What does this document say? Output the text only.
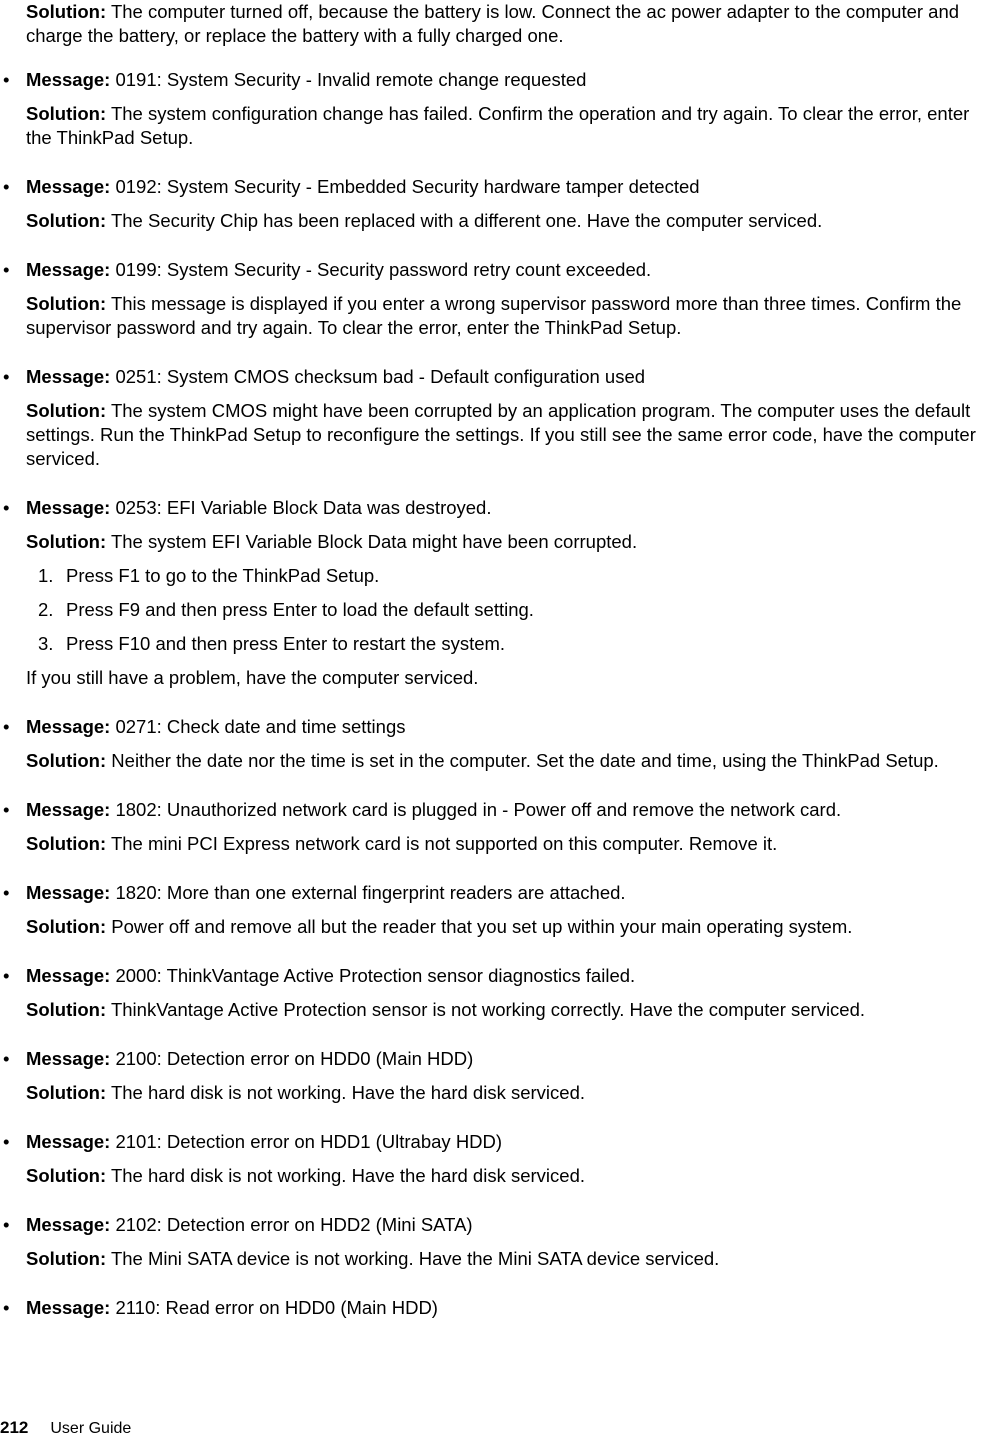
Solution: The computer turned off, because the battery is low. Connect the ac power adapter to the computer and charge the battery, or replace the battery with a fully charged one.

• Message: 0191: System Security - Invalid remote change requested

Solution: The system configuration change has failed. Confirm the operation and try again. To clear the error, enter the ThinkPad Setup.

• Message: 0192: System Security - Embedded Security hardware tamper detected

Solution: The Security Chip has been replaced with a different one. Have the computer serviced.

• Message: 0199: System Security - Security password retry count exceeded.

Solution: This message is displayed if you enter a wrong supervisor password more than three times. Confirm the supervisor password and try again. To clear the error, enter the ThinkPad Setup.

• Message: 0251: System CMOS checksum bad - Default configuration used

Solution: The system CMOS might have been corrupted by an application program. The computer uses the default settings. Run the ThinkPad Setup to reconfigure the settings. If you still see the same error code, have the computer serviced.

• Message: 0253: EFI Variable Block Data was destroyed.

Solution: The system EFI Variable Block Data might have been corrupted.

1. Press F1 to go to the ThinkPad Setup.
2. Press F9 and then press Enter to load the default setting.
3. Press F10 and then press Enter to restart the system.

If you still have a problem, have the computer serviced.

• Message: 0271: Check date and time settings

Solution: Neither the date nor the time is set in the computer. Set the date and time, using the ThinkPad Setup.

• Message: 1802: Unauthorized network card is plugged in - Power off and remove the network card.

Solution: The mini PCI Express network card is not supported on this computer. Remove it.

• Message: 1820: More than one external fingerprint readers are attached.

Solution: Power off and remove all but the reader that you set up within your main operating system.

• Message: 2000: ThinkVantage Active Protection sensor diagnostics failed.

Solution: ThinkVantage Active Protection sensor is not working correctly. Have the computer serviced.

• Message: 2100: Detection error on HDD0 (Main HDD)

Solution: The hard disk is not working. Have the hard disk serviced.

• Message: 2101: Detection error on HDD1 (Ultrabay HDD)

Solution: The hard disk is not working. Have the hard disk serviced.

• Message: 2102: Detection error on HDD2 (Mini SATA)

Solution: The Mini SATA device is not working. Have the Mini SATA device serviced.

• Message: 2110: Read error on HDD0 (Main HDD)

212 User Guide
